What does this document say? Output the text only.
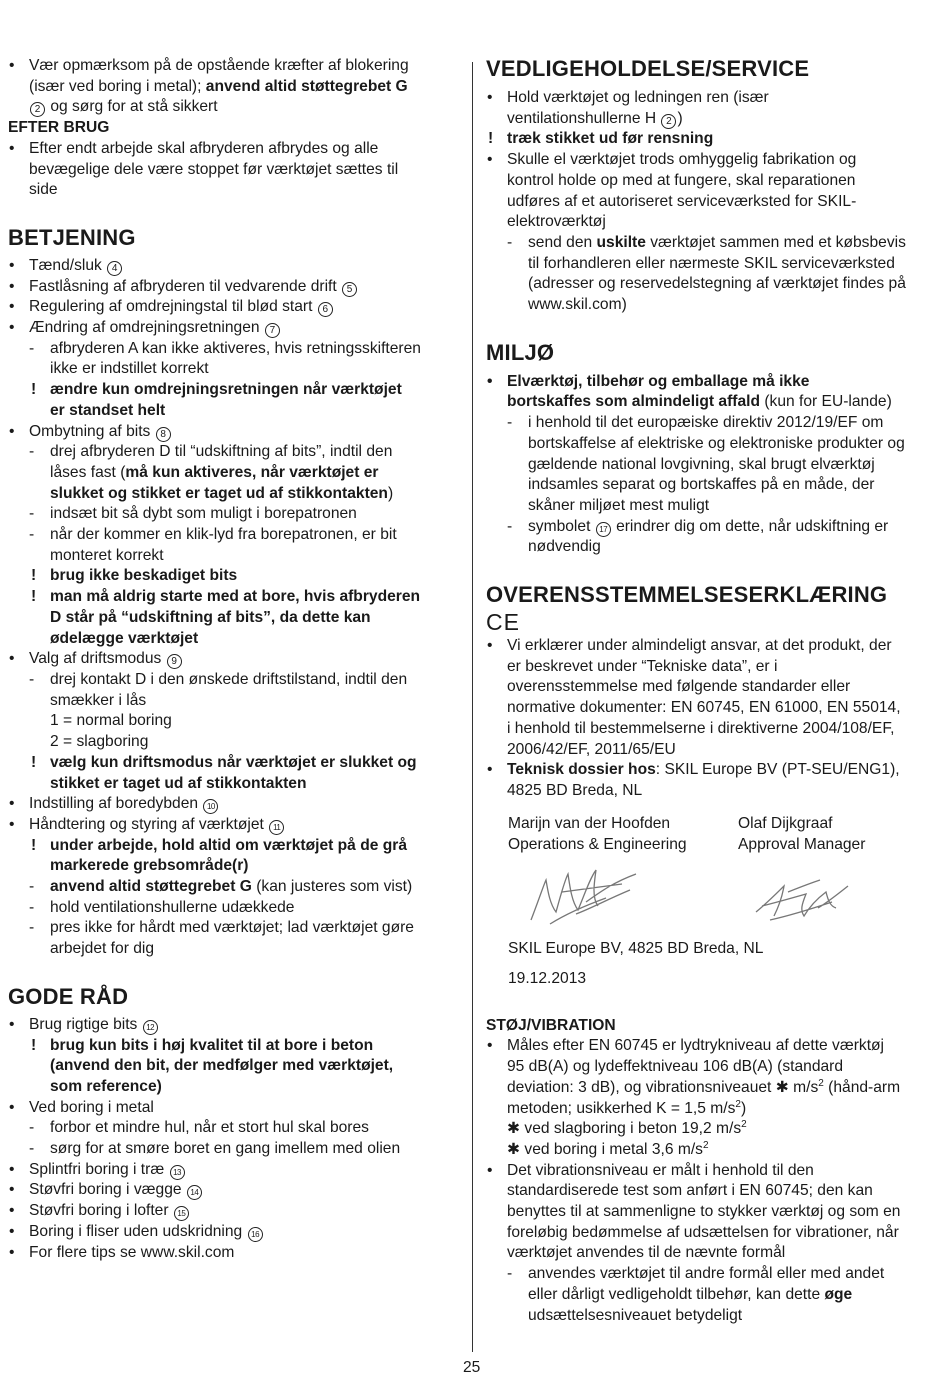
• Vær opmærksom på de opstående kræfter af blokering
(især ved boring i metal); anvend altid støttegrebet G
2 og sørg for at stå sikkert
EFTER BRUG
• Efter endt arbejde skal afbryderen afbrydes og alle
bevægelige dele være stoppet før værktøjet sættes til
side
BETJENING
• Tænd/sluk 4
• Fastlåsning af afbryderen til vedvarende drift 5
• Regulering af omdrejningstal til blød start 6
• Ændring af omdrejningsretningen 7
- afbryderen A kan ikke aktiveres, hvis retningsskifteren
ikke er indstillet korrekt
! ændre kun omdrejningsretningen når værktøjet
er standset helt
• Ombytning af bits 8
- drej afbryderen D til “udskiftning af bits”, indtil den
låses fast (må kun aktiveres, når værktøjet er
slukket og stikket er taget ud af stikkontakten)
- indsæt bit så dybt som muligt i borepatronen
- når der kommer en klik-lyd fra borepatronen, er bit
monteret korrekt
! brug ikke beskadiget bits
! man må aldrig starte med at bore, hvis afbryderen
D står på “udskiftning af bits”, da dette kan
ødelægge værktøjet
• Valg af driftsmodus 9
- drej kontakt D i den ønskede driftstilstand, indtil den
smækker i lås
1 = normal boring
2 = slagboring
! vælg kun driftsmodus når værktøjet er slukket og
stikket er taget ud af stikkontakten
• Indstilling af boredybden 10
• Håndtering og styring af værktøjet 11
! under arbejde, hold altid om værktøjet på de grå
markerede grebsområde(r)
- anvend altid støttegrebet G (kan justeres som vist)
- hold ventilationshullerne udækkede
- pres ikke for hårdt med værktøjet; lad værktøjet gøre
arbejdet for dig
GODE RÅD
• Brug rigtige bits 12
! brug kun bits i høj kvalitet til at bore i beton
(anvend den bit, der medfølger med værktøjet,
som reference)
• Ved boring i metal
- forbor et mindre hul, når et stort hul skal bores
- sørg for at smøre boret en gang imellem med olien
• Splintfri boring i træ 13
• Støvfri boring i vægge 14
• Støvfri boring i lofter 15
• Boring i fliser uden udskridning 16
• For flere tips se www.skil.com
VEDLIGEHOLDELSE/SERVICE
• Hold værktøjet og ledningen ren (især
ventilationshullerne H 2 )
! træk stikket ud før rensning
• Skulle el værktøjet trods omhyggelig fabrikation og
kontrol holde op med at fungere, skal reparationen
udføres af et autoriseret serviceværksted for SKIL-
elektroværktøj
- send den uskilte værktøjet sammen med et købsbevis
til forhandleren eller nærmeste SKIL serviceværksted
(adresser og reservedelstegning af værktøjet findes på
www.skil.com)
MILJØ
• Elværktøj, tilbehør og emballage må ikke
bortskaffes som almindeligt affald (kun for EU-lande)
- i henhold til det europæiske direktiv 2012/19/EF om
bortskaffelse af elektriske og elektroniske produkter og
gældende national lovgivning, skal brugt elværktøj
indsamles separat og bortskaffes på en måde, der
skåner miljøet mest muligt
- symbolet 17 erindrer dig om dette, når udskiftning er
nødvendig
OVERENSSTEMMELSESERKLÆRING
CE
• Vi erklærer under almindeligt ansvar, at det produkt, der
er beskrevet under “Tekniske data”, er i
overensstemmelse med følgende standarder eller
normative dokumenter: EN 60745, EN 61000, EN 55014,
i henhold til bestemmelserne i direktiverne 2004/108/EF,
2006/42/EF, 2011/65/EU
• Teknisk dossier hos: SKIL Europe BV (PT-SEU/ENG1),
4825 BD Breda, NL
Marijn van der Hoofden
Operations & Engineering
Olaf Dijkgraaf
Approval Manager
SKIL Europe BV, 4825 BD Breda, NL
19.12.2013
STØJ/VIBRATION
• Måles efter EN 60745 er lydtrykniveau af dette værktøj
95 dB(A) og lydeffektniveau 106 dB(A) (standard
deviation: 3 dB), og vibrationsniveauet ✱ $m/s^2$ (hånd-arm
metoden; usikkerhed K = 1,5 $m/s^2$)
✱ ved slagboring i beton 19,2 $m/s^2$
✱ ved boring i metal 3,6 $m/s^2$
• Det vibrationsniveau er målt i henhold til den
standardiserede test som anført i EN 60745; den kan
benyttes til at sammenligne to stykker værktøj og som en
foreløbig bedømmelse af udsættelsen for vibrationer, når
værktøjet anvendes til de nævnte formål
- anvendes værktøjet til andre formål eller med andet
eller dårligt vedligeholdt tilbehør, kan dette øge
udsættelsesniveauet betydeligt
25
